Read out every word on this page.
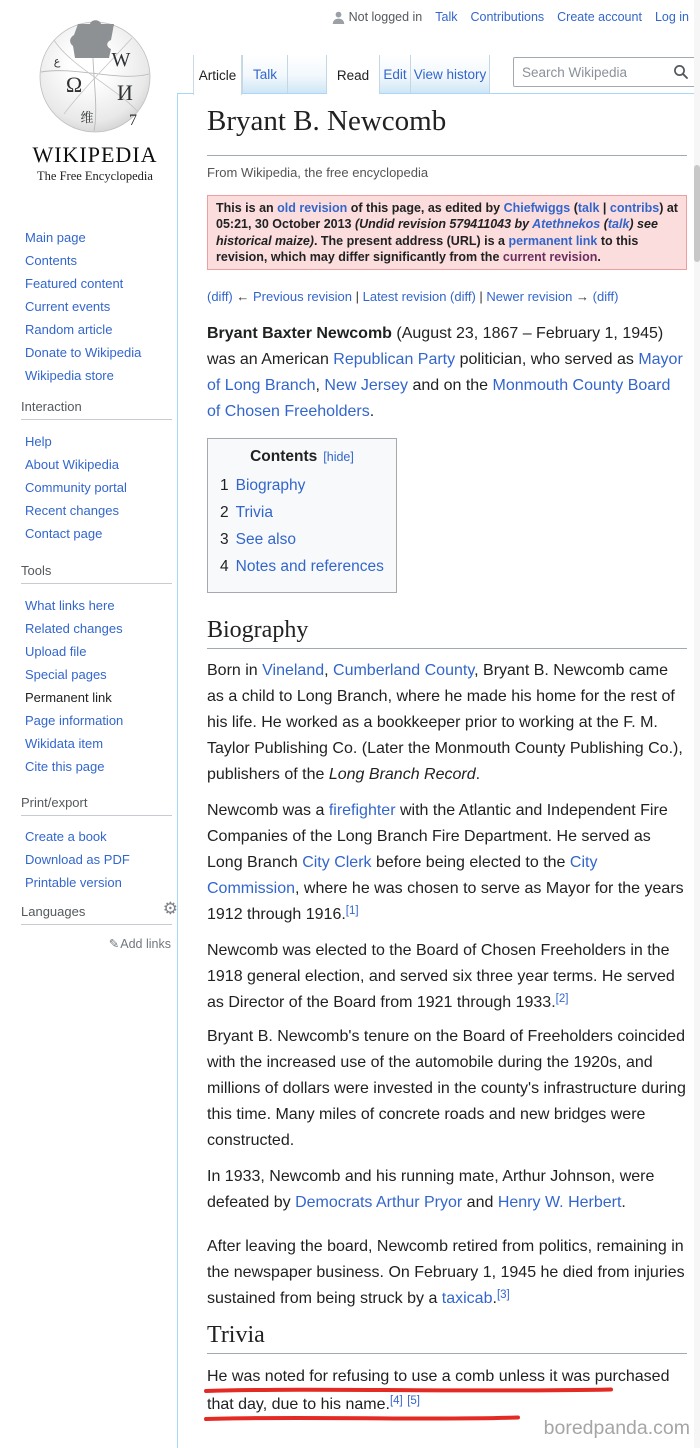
Not logged in Talk Contributions Create account Log in
W
Ω И
7
维
ع
WIKIPEDIA
The Free Encyclopedia
Article Talk	Read Edit View history
Search Wikipedia
Main page
Contents
Featured content
Current events
Random article
Donate to Wikipedia
Wikipedia store
Interaction
Help
About Wikipedia
Community portal
Recent changes
Contact page
Tools
What links here
Related changes
Upload file
Special pages
Permanent link
Page information
Wikidata item
Cite this page
Print/export
Create a book
Download as PDF
Printable version
Languages	⚙
✎ Add links
Bryant B. Newcomb
From Wikipedia, the free encyclopedia
This is an old revision of this page, as edited by Chiefwiggs (talk | contribs) at 05:21, 30 October 2013 (Undid revision 579411043 by Atethnekos (talk) see historical maize). The present address (URL) is a permanent link to this revision, which may differ significantly from the current revision.
(diff) ← Previous revision | Latest revision (diff) | Newer revision → (diff)

Bryant Baxter Newcomb (August 23, 1867 – February 1, 1945) was an American Republican Party politician, who served as Mayor of Long Branch, New Jersey and on the Monmouth County Board of Chosen Freeholders.

Contents [hide]
1 Biography
2 Trivia
3 See also
4 Notes and references
Biography

Born in Vineland, Cumberland County, Bryant B. Newcomb came as a child to Long Branch, where he made his home for the rest of his life. He worked as a bookkeeper prior to working at the F. M. Taylor Publishing Co. (Later the Monmouth County Publishing Co.), publishers of the Long Branch Record.

Newcomb was a firefighter with the Atlantic and Independent Fire Companies of the Long Branch Fire Department. He served as Long Branch City Clerk before being elected to the City Commission, where he was chosen to serve as Mayor for the years 1912 through 1916.[1]

Newcomb was elected to the Board of Chosen Freeholders in the 1918 general election, and served six three year terms. He served as Director of the Board from 1921 through 1933.[2]

Bryant B. Newcomb's tenure on the Board of Freeholders coincided with the increased use of the automobile during the 1920s, and millions of dollars were invested in the county's infrastructure during this time. Many miles of concrete roads and new bridges were constructed.

In 1933, Newcomb and his running mate, Arthur Johnson, were defeated by Democrats Arthur Pryor and Henry W. Herbert.

After leaving the board, Newcomb retired from politics, remaining in the newspaper business. On February 1, 1945 he died from injuries sustained from being struck by a taxicab.[3]

Trivia

He was noted for refusing to use a comb unless it was purchased that day, due to his name.[4] [5]

boredpanda.com
